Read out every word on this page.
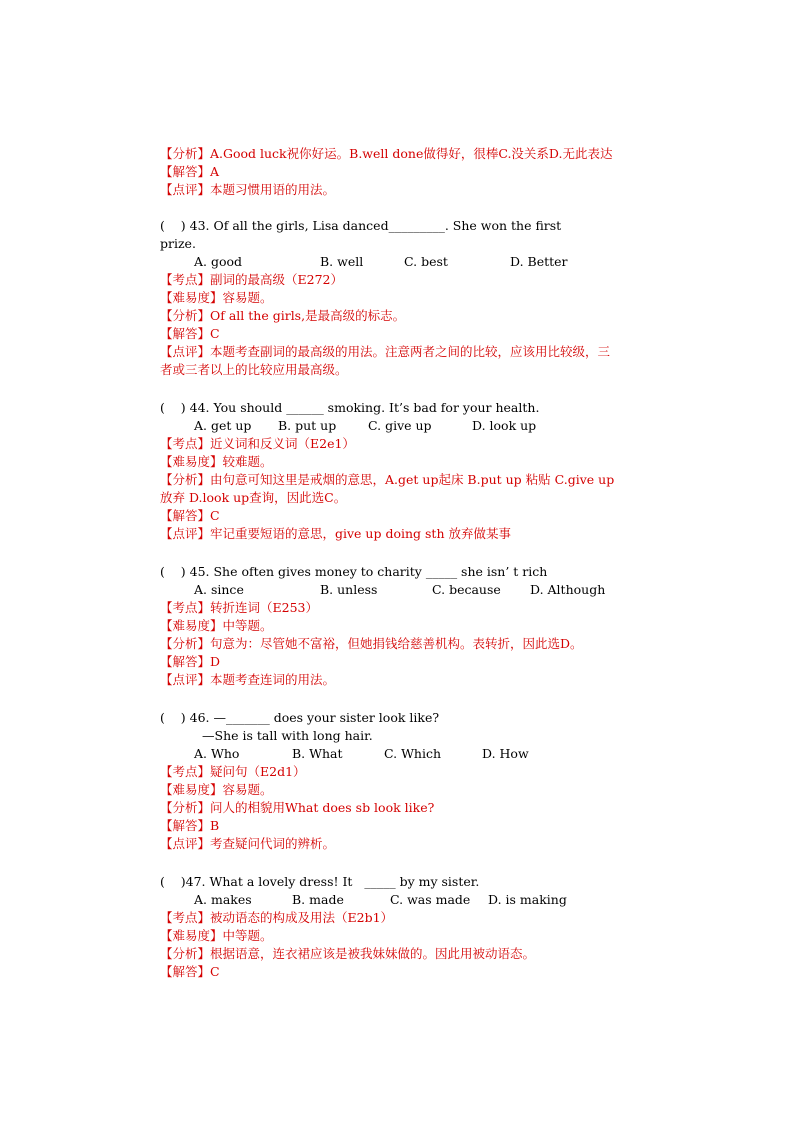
【分析】A.Good luck祝你好运。B.well done做得好，很棒C.没关系D.无此表达
【解答】A
【点评】本题习惯用语的用法。
(    ) 43. Of all the girls, Lisa danced_________. She won the first
prize.
A. good	B. well	C. best	D. Better
【考点】副词的最高级（E272）
【难易度】容易题。
【分析】Of all the girls,是最高级的标志。
【解答】C
【点评】本题考查副词的最高级的用法。注意两者之间的比较，应该用比较级，三
者或三者以上的比较应用最高级。
(    ) 44. You should ______ smoking. It’s bad for your health.
A. get up B. put up	C. give up	D. look up
【考点】近义词和反义词（E2e1）
【难易度】较难题。
【分析】由句意可知这里是戒烟的意思，A.get up起床 B.put up 粘贴 C.give up
放弃 D.look up查询，因此选C。
【解答】C
【点评】牢记重要短语的意思，give up doing sth 放弃做某事
(    ) 45. She often gives money to charity _____ she isn’ t rich
A. since	B. unless	C. because D. Although
【考点】转折连词（E253）
【难易度】中等题。
【分析】句意为：尽管她不富裕，但她捐钱给慈善机构。表转折，因此选D。
【解答】D
【点评】本题考查连词的用法。
(    ) 46. —_______ does your sister look like?
—She is tall with long hair.
A. Who	B. What	C. Which	D. How
【考点】疑问句（E2d1）
【难易度】容易题。
【分析】问人的相貌用What does sb look like?
【解答】B
【点评】考查疑问代词的辨析。
(    )47. What a lovely dress! It   _____ by my sister.
A. makes	B. made	C. was made D. is making
【考点】被动语态的构成及用法（E2b1）
【难易度】中等题。
【分析】根据语意，连衣裙应该是被我妹妹做的。因此用被动语态。
【解答】C
